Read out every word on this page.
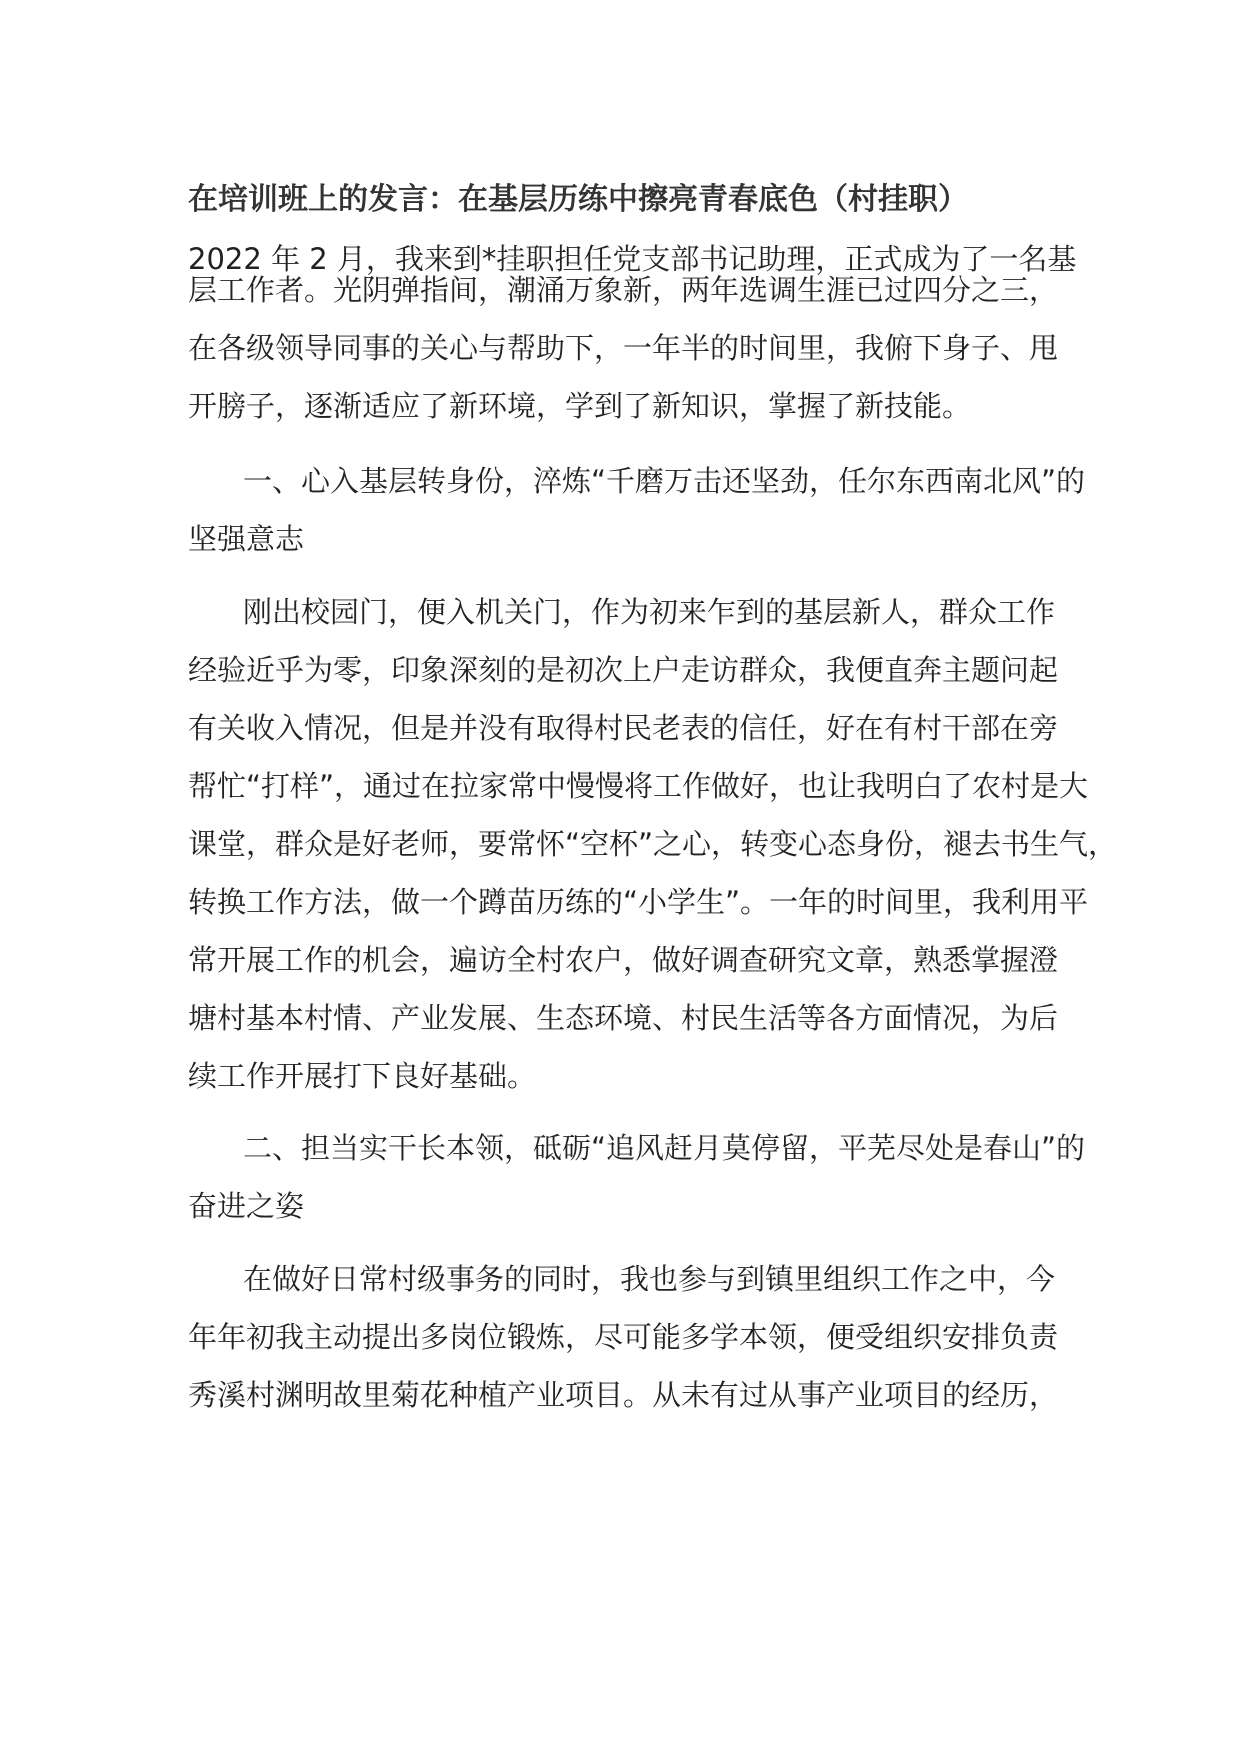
在培训班上的发言：在基层历练中擦亮青春底色（村挂职）

2022 年 2 月，我来到*挂职担任党支部书记助理，正式成为了一名基

层工作者。光阴弹指间，潮涌万象新，两年选调生涯已过四分之三，

在各级领导同事的关心与帮助下，一年半的时间里，我俯下身子、甩

开膀子，逐渐适应了新环境，学到了新知识，掌握了新技能。

一、心入基层转身份，淬炼“千磨万击还坚劲，任尔东西南北风”的

坚强意志

刚出校园门，便入机关门，作为初来乍到的基层新人，群众工作

经验近乎为零，印象深刻的是初次上户走访群众，我便直奔主题问起

有关收入情况，但是并没有取得村民老表的信任，好在有村干部在旁

帮忙“打样”，通过在拉家常中慢慢将工作做好，也让我明白了农村是大

课堂，群众是好老师，要常怀“空杯”之心，转变心态身份，褪去书生气，

转换工作方法，做一个蹲苗历练的“小学生”。一年的时间里，我利用平

常开展工作的机会，遍访全村农户，做好调查研究文章，熟悉掌握澄

塘村基本村情、产业发展、生态环境、村民生活等各方面情况，为后

续工作开展打下良好基础。

二、担当实干长本领，砥砺“追风赶月莫停留，平芜尽处是春山”的

奋进之姿

在做好日常村级事务的同时，我也参与到镇里组织工作之中，今

年年初我主动提出多岗位锻炼，尽可能多学本领，便受组织安排负责

秀溪村渊明故里菊花种植产业项目。从未有过从事产业项目的经历，
